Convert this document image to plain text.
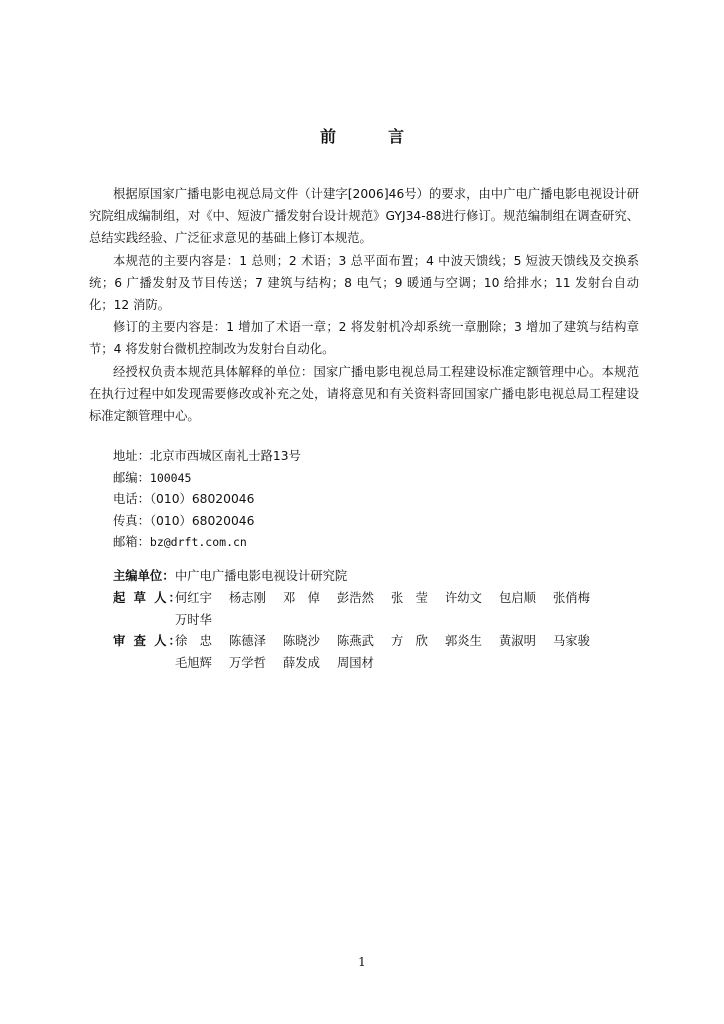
前　言

根据原国家广播电影电视总局文件（计建字[2006]46号）的要求，由中广电广播电影电视设计研究院组成编制组，对《中、短波广播发射台设计规范》GYJ34-88进行修订。规范编制组在调查研究、总结实践经验、广泛征求意见的基础上修订本规范。

本规范的主要内容是：1 总则；2 术语；3 总平面布置；4 中波天馈线；5 短波天馈线及交换系统；6 广播发射及节目传送；7 建筑与结构；8 电气；9 暖通与空调；10 给排水；11 发射台自动化；12 消防。

修订的主要内容是：1 增加了术语一章；2 将发射机冷却系统一章删除；3 增加了建筑与结构章节；4 将发射台微机控制改为发射台自动化。

经授权负责本规范具体解释的单位：国家广播电影电视总局工程建设标准定额管理中心。本规范在执行过程中如发现需要修改或补充之处，请将意见和有关资料寄回国家广播电影电视总局工程建设标准定额管理中心。

地址：北京市西城区南礼士路13号
邮编：100045
电话：（010）68020046
传真：（010）68020046
邮箱：bz@drft.com.cn
主编单位： 中广电广播电影电视设计研究院
起 草 人：
何红宇	杨志刚	邓　倬	彭浩然	张　莹	许幼文	包启顺	张俏梅
万时华
审 查 人：
徐　忠	陈德泽	陈晓沙	陈燕武	方　欣	郭炎生	黄淑明	马家骏
毛旭辉	万学哲	薛发成	周国材
1
